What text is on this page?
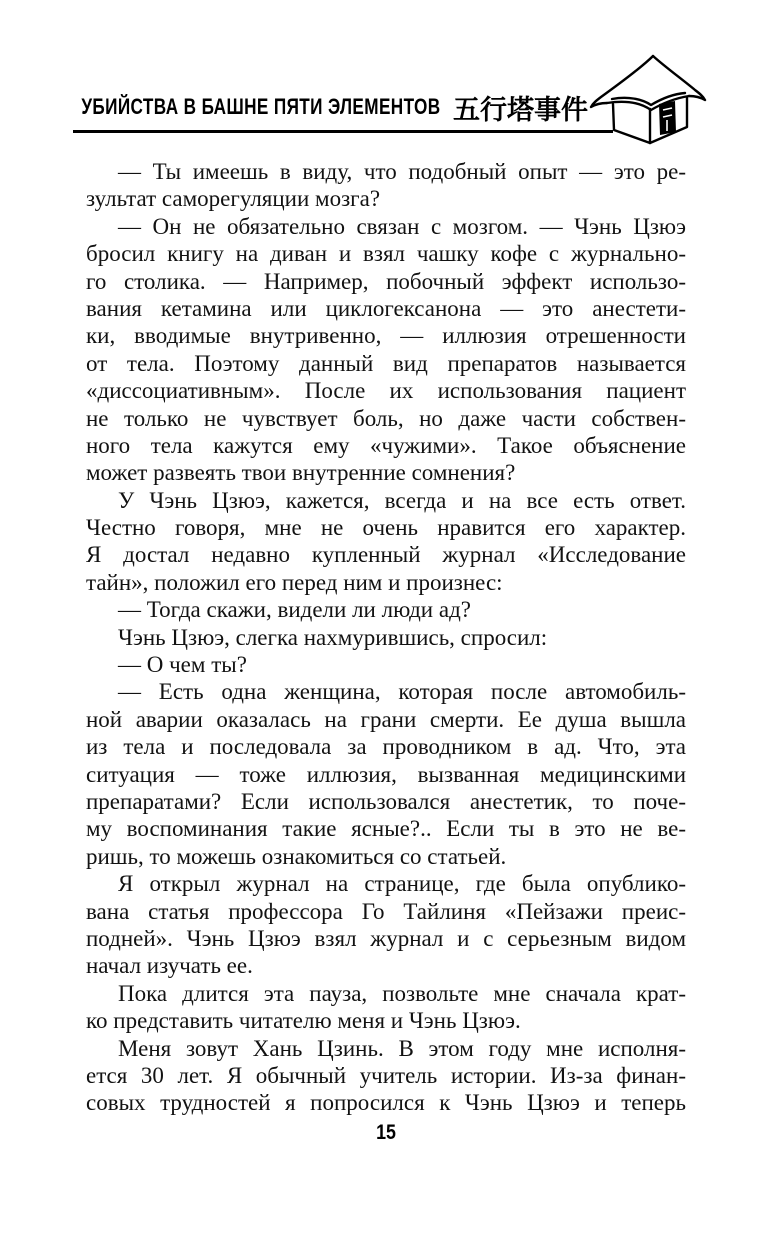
УБИЙСТВА В БАШНЕ ПЯТИ ЭЛЕМЕНТОВ 五行塔事件
— Ты имеешь в виду, что подобный опыт — это ре-
зультат саморегуляции мозга?
— Он не обязательно связан с мозгом. — Чэнь Цзюэ
бросил книгу на диван и взял чашку кофе с журнально-
го столика. — Например, побочный эффект использо-
вания кетамина или циклогексанона — это анестети-
ки, вводимые внутривенно, — иллюзия отрешенности
от тела. Поэтому данный вид препаратов называется
«диссоциативным». После их использования пациент
не только не чувствует боль, но даже части собствен-
ного тела кажутся ему «чужими». Такое объяснение
может развеять твои внутренние сомнения?
У Чэнь Цзюэ, кажется, всегда и на все есть ответ.
Честно говоря, мне не очень нравится его характер.
Я достал недавно купленный журнал «Исследование
тайн», положил его перед ним и произнес:
— Тогда скажи, видели ли люди ад?
Чэнь Цзюэ, слегка нахмурившись, спросил:
— О чем ты?
— Есть одна женщина, которая после автомобиль-
ной аварии оказалась на грани смерти. Ее душа вышла
из тела и последовала за проводником в ад. Что, эта
ситуация — тоже иллюзия, вызванная медицинскими
препаратами? Если использовался анестетик, то поче-
му воспоминания такие ясные?.. Если ты в это не ве-
ришь, то можешь ознакомиться со статьей.
Я открыл журнал на странице, где была опублико-
вана статья профессора Го Тайлиня «Пейзажи преис-
подней». Чэнь Цзюэ взял журнал и с серьезным видом
начал изучать ее.
Пока длится эта пауза, позвольте мне сначала крат-
ко представить читателю меня и Чэнь Цзюэ.
Меня зовут Хань Цзинь. В этом году мне исполня-
ется 30 лет. Я обычный учитель истории. Из-за финан-
совых трудностей я попросился к Чэнь Цзюэ и теперь
15
